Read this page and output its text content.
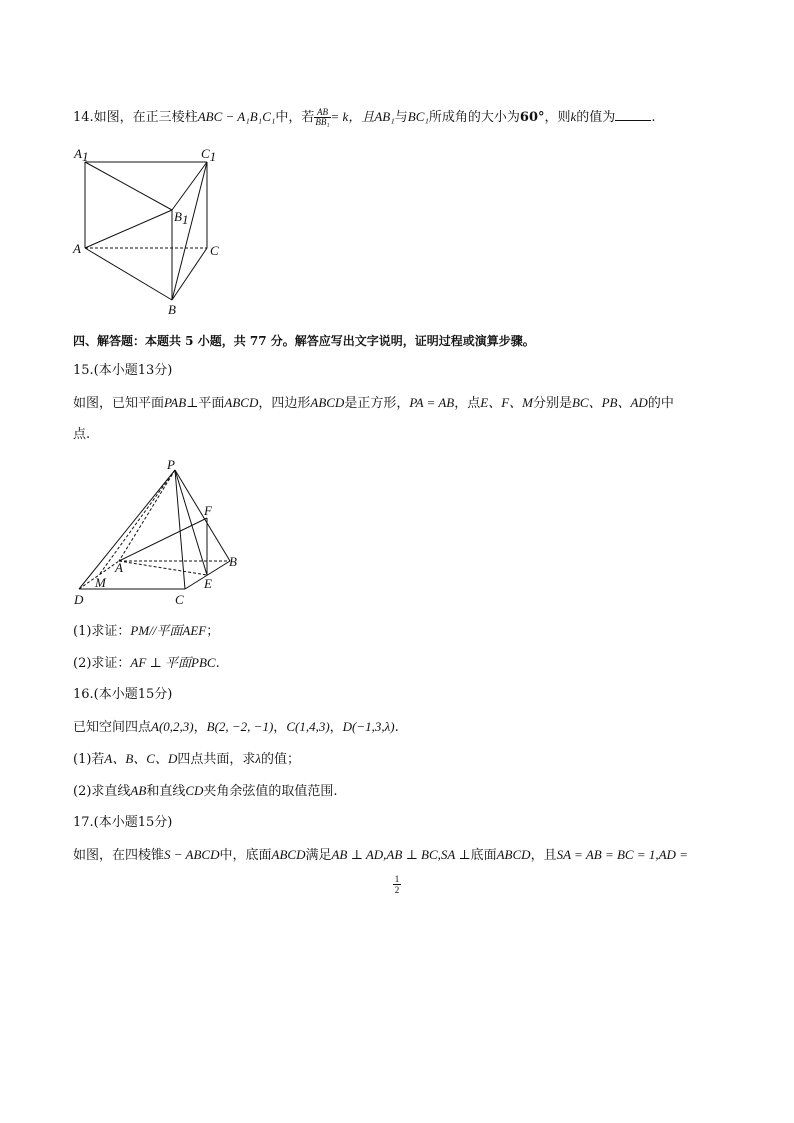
14.如图，在正三棱柱ABC − A₁B₁C₁中，若 $\frac{AB}{\text{BB₁}} = k$，且AB₁与BC₁所成角的大小为60°，则k的值为	.
A1	C1
B1
A	C
B
四、解答题：本题共 5 小题，共 77 分。解答应写出文字说明，证明过程或演算步骤。
15.(本小题13分)
如图，已知平面PAB⊥平面ABCD，四边形ABCD是正方形，PA = AB，点E、F、M分别是BC、PB、AD的中
点.
P
F
A	B
M
D	C
E
(1)求证：PM//平面AEF；
(2)求证：AF ⊥ 平面PBC.
16.(本小题15分)
已知空间四点A(0,2,3)，B(2, −2, −1)，C(1,4,3)，D(−1,3,λ).
(1)若A、B、C、D四点共面，求λ的值；
(2)求直线AB和直线CD夹角余弦值的取值范围.
17.(本小题15分)
如图，在四棱锥S − ABCD中，底面ABCD满足AB ⊥ AD,AB ⊥ BC,SA ⊥底面ABCD，且SA = AB = BC = 1,AD =
$\frac{1}{2}$
